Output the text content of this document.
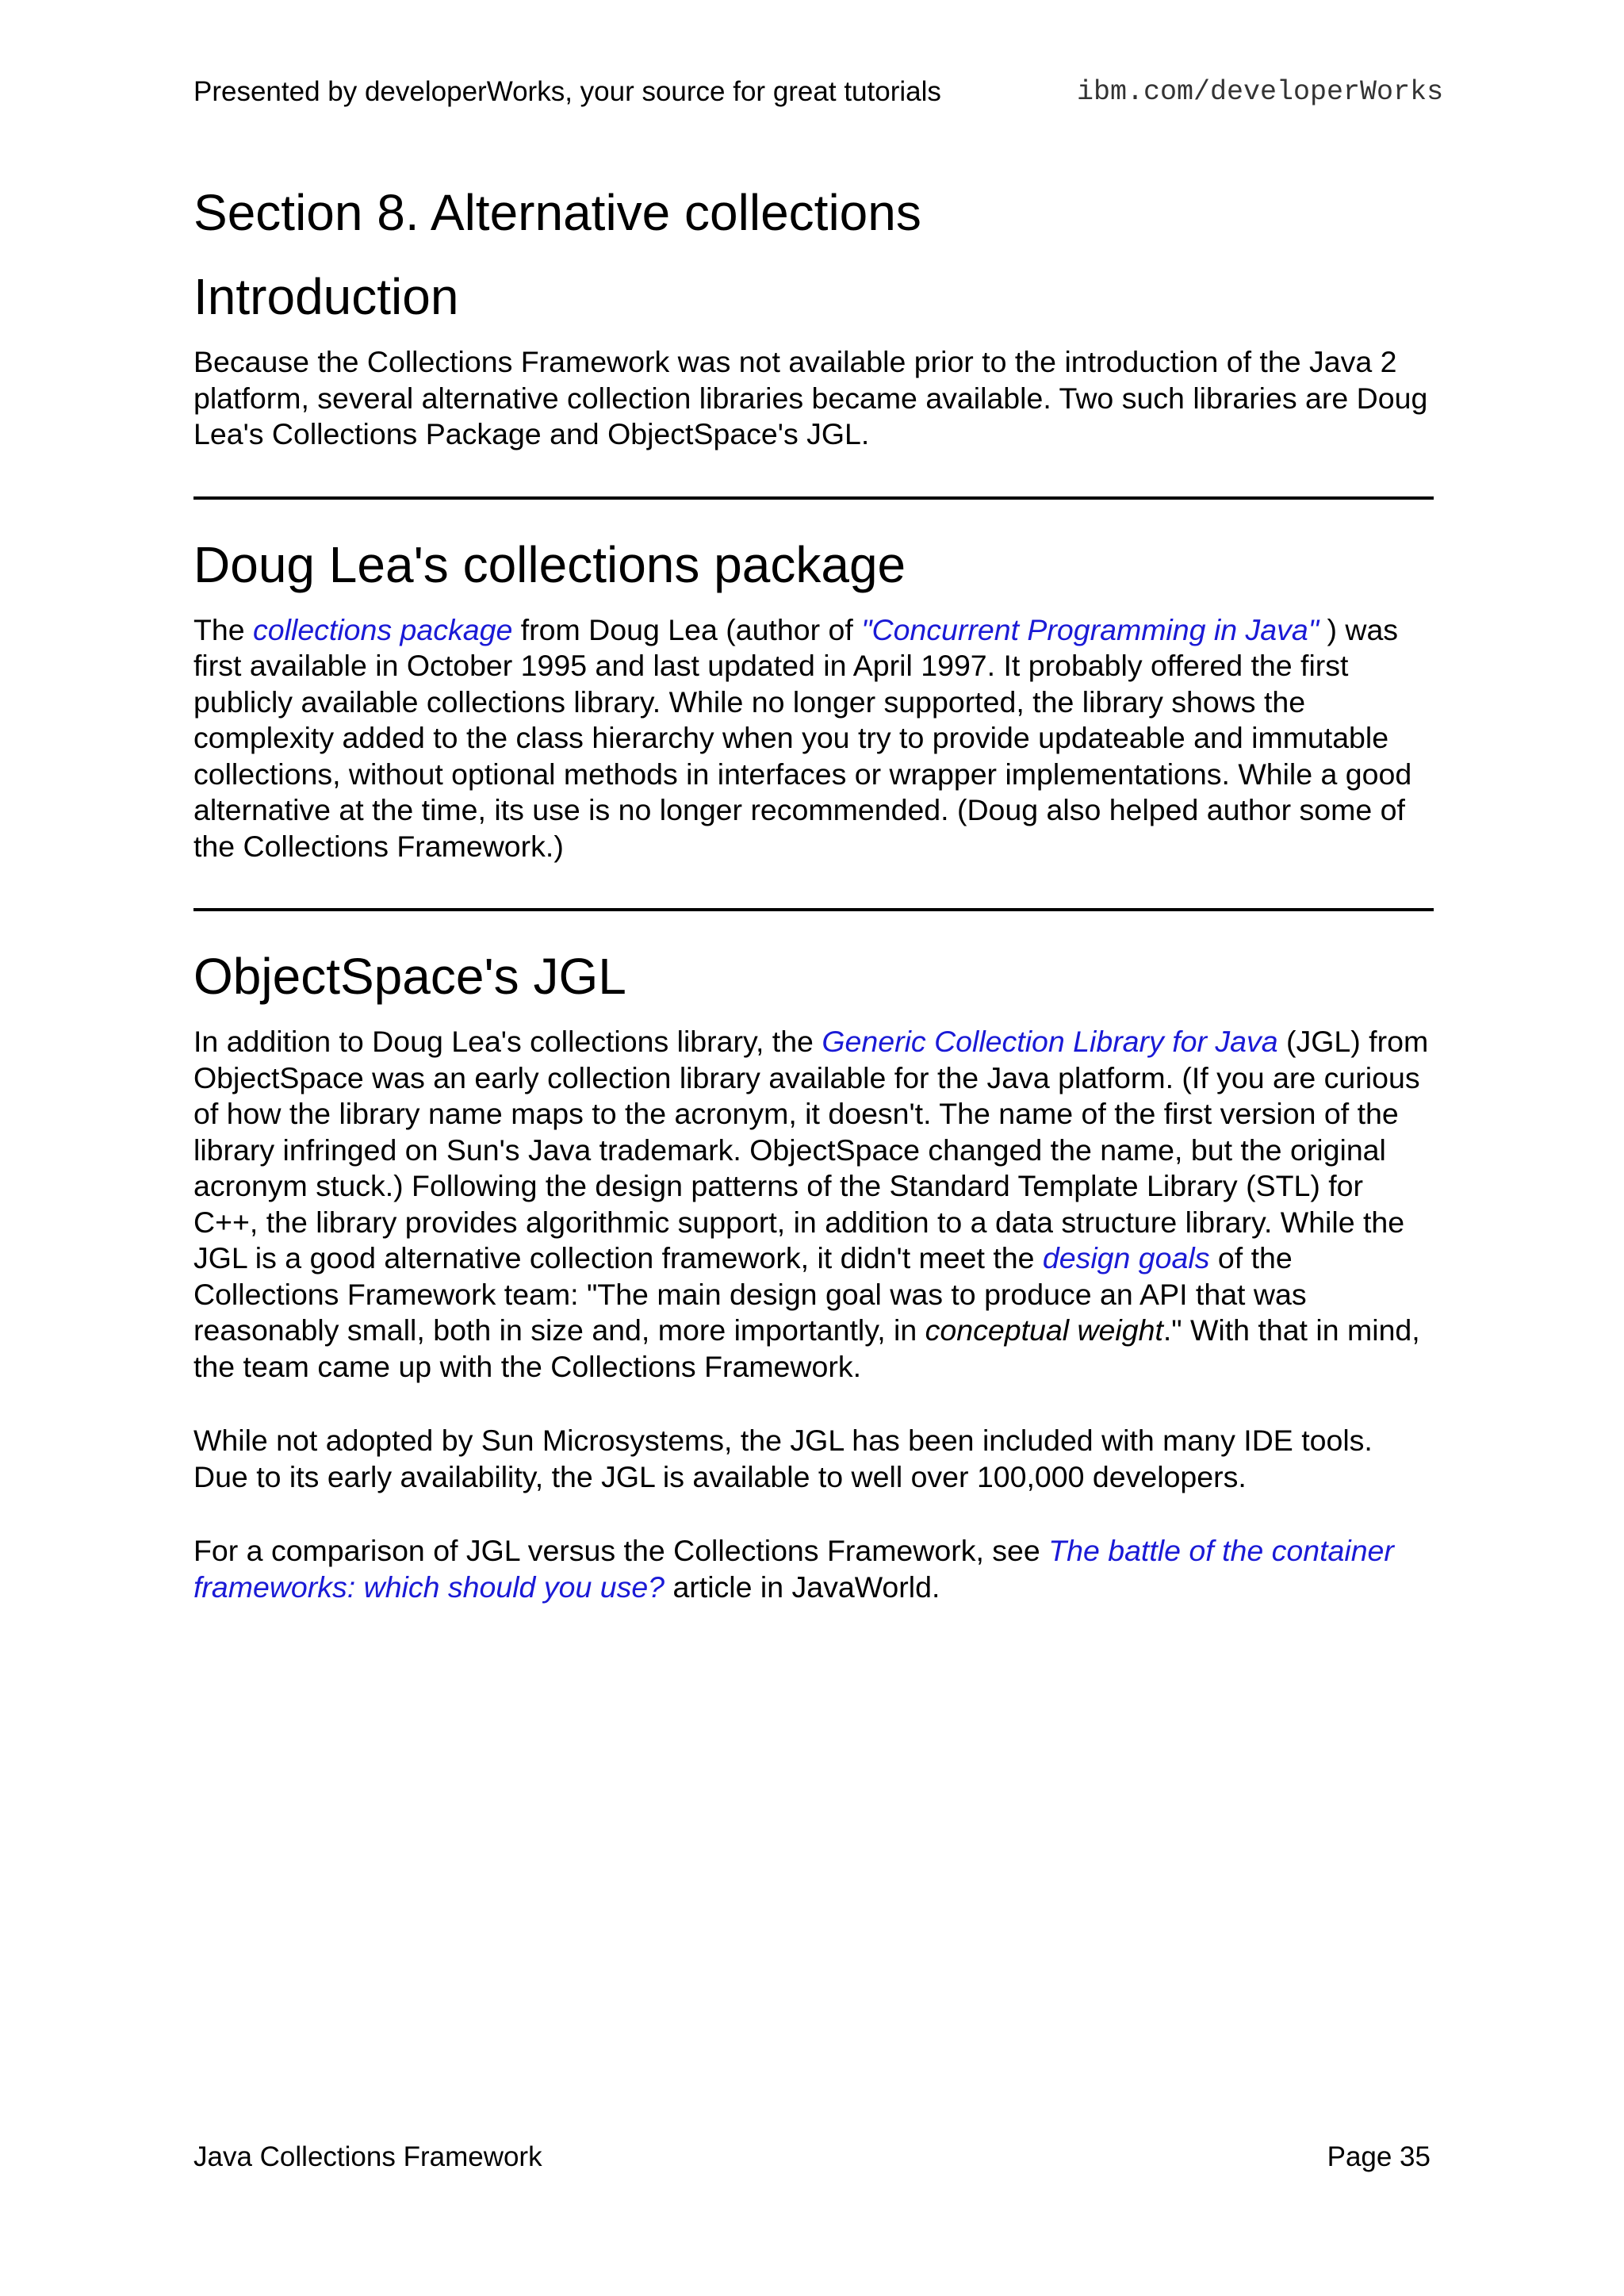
Presented by developerWorks, your source for great tutorials	ibm.com/developerWorks
Section 8. Alternative collections
Introduction

Because the Collections Framework was not available prior to the introduction of the Java 2 platform, several alternative collection libraries became available. Two such libraries are Doug Lea's Collections Package and ObjectSpace's JGL.

Doug Lea's collections package

The collections package from Doug Lea (author of "Concurrent Programming in Java" ) was first available in October 1995 and last updated in April 1997. It probably offered the first publicly available collections library. While no longer supported, the library shows the complexity added to the class hierarchy when you try to provide updateable and immutable collections, without optional methods in interfaces or wrapper implementations. While a good alternative at the time, its use is no longer recommended. (Doug also helped author some of the Collections Framework.)

ObjectSpace's JGL

In addition to Doug Lea's collections library, the Generic Collection Library for Java (JGL) from ObjectSpace was an early collection library available for the Java platform. (If you are curious of how the library name maps to the acronym, it doesn't. The name of the first version of the library infringed on Sun's Java trademark. ObjectSpace changed the name, but the original acronym stuck.) Following the design patterns of the Standard Template Library (STL) for C++, the library provides algorithmic support, in addition to a data structure library. While the JGL is a good alternative collection framework, it didn't meet the design goals of the Collections Framework team: "The main design goal was to produce an API that was reasonably small, both in size and, more importantly, in conceptual weight." With that in mind, the team came up with the Collections Framework.

While not adopted by Sun Microsystems, the JGL has been included with many IDE tools. Due to its early availability, the JGL is available to well over 100,000 developers.

For a comparison of JGL versus the Collections Framework, see The battle of the container frameworks: which should you use? article in JavaWorld.

Java Collections Framework	Page 35
